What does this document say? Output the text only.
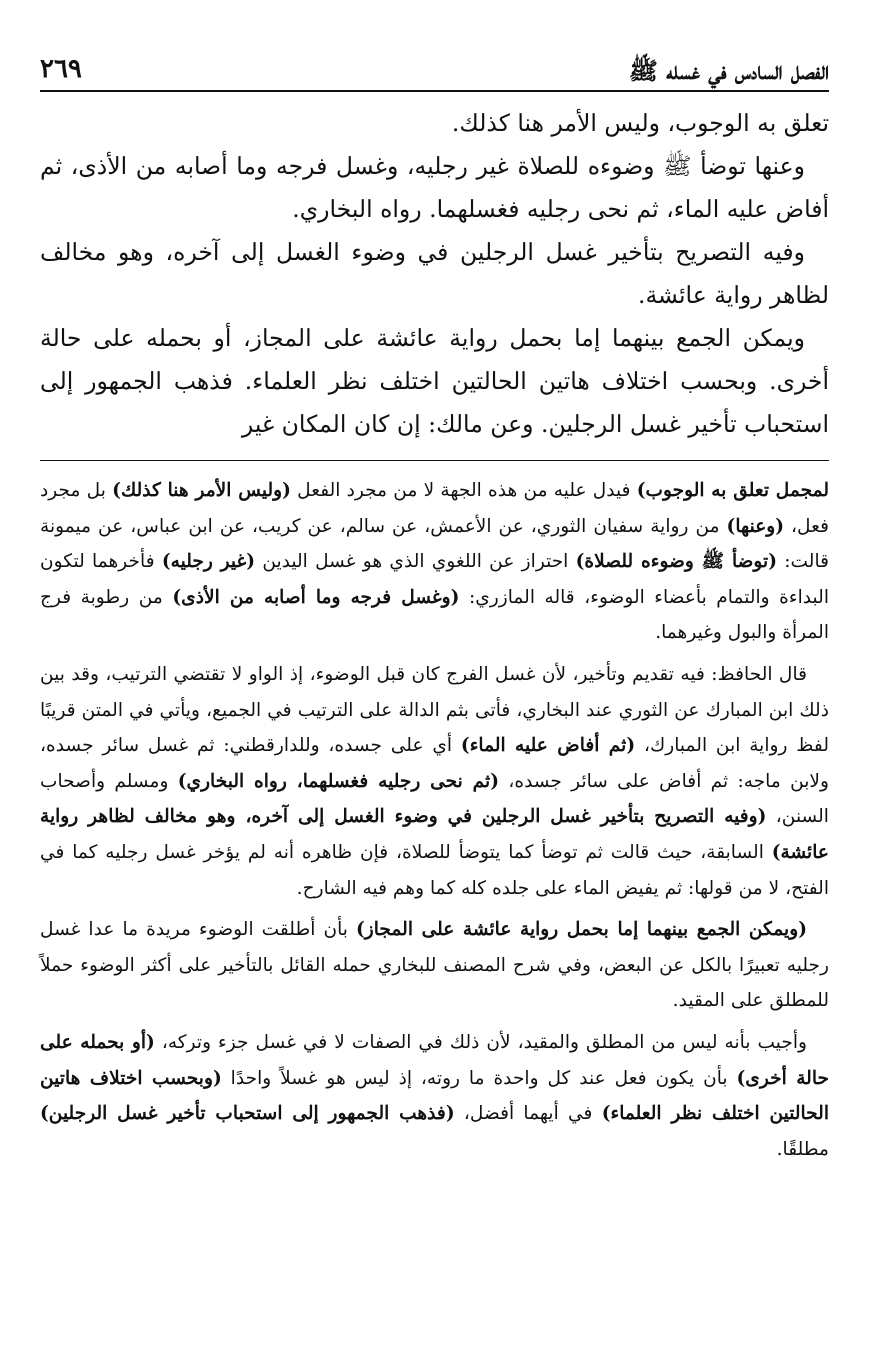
الفصل السادس في غسله ﷺ
٢٦٩

تعلق به الوجوب، وليس الأمر هنا كذلك.

وعنها توضأ ﷺ وضوءه للصلاة غير رجليه، وغسل فرجه وما أصابه من الأذى، ثم أفاض عليه الماء، ثم نحى رجليه فغسلهما. رواه البخاري.

وفيه التصريح بتأخير غسل الرجلين في وضوء الغسل إلى آخره، وهو مخالف لظاهر رواية عائشة.

ويمكن الجمع بينهما إما بحمل رواية عائشة على المجاز، أو بحمله على حالة أخرى. وبحسب اختلاف هاتين الحالتين اختلف نظر العلماء. فذهب الجمهور إلى استحباب تأخير غسل الرجلين. وعن مالك: إن كان المكان غير

لمجمل تعلق به الوجوب) فيدل عليه من هذه الجهة لا من مجرد الفعل (وليس الأمر هنا كذلك) بل مجرد فعل، (وعنها) من رواية سفيان الثوري، عن الأعمش، عن سالم، عن كريب، عن ابن عباس، عن ميمونة قالت: (توضأ ﷺ وضوءه للصلاة) احتراز عن اللغوي الذي هو غسل اليدين (غير رجليه) فأخرهما لتكون البداءة والتمام بأعضاء الوضوء، قاله المازري: (وغسل فرجه وما أصابه من الأذى) من رطوبة فرج المرأة والبول وغيرهما.

قال الحافظ: فيه تقديم وتأخير، لأن غسل الفرج كان قبل الوضوء، إذ الواو لا تقتضي الترتيب، وقد بين ذلك ابن المبارك عن الثوري عند البخاري، فأتى بثم الدالة على الترتيب في الجميع، ويأتي في المتن قريبًا لفظ رواية ابن المبارك، (ثم أفاض عليه الماء) أي على جسده، وللدارقطني: ثم غسل سائر جسده، ولابن ماجه: ثم أفاض على سائر جسده، (ثم نحى رجليه فغسلهما، رواه البخاري) ومسلم وأصحاب السنن، (وفيه التصريح بتأخير غسل الرجلين في وضوء الغسل إلى آخره، وهو مخالف لظاهر رواية عائشة) السابقة، حيث قالت ثم توضأ كما يتوضأ للصلاة، فإن ظاهره أنه لم يؤخر غسل رجليه كما في الفتح، لا من قولها: ثم يفيض الماء على جلده كله كما وهم فيه الشارح.

(ويمكن الجمع بينهما إما بحمل رواية عائشة على المجاز) بأن أطلقت الوضوء مريدة ما عدا غسل رجليه تعبيرًا بالكل عن البعض، وفي شرح المصنف للبخاري حمله القائل بالتأخير على أكثر الوضوء حملاً للمطلق على المقيد.

وأجيب بأنه ليس من المطلق والمقيد، لأن ذلك في الصفات لا في غسل جزء وتركه، (أو بحمله على حالة أخرى) بأن يكون فعل عند كل واحدة ما روته، إذ ليس هو غسلاً واحدًا (وبحسب اختلاف هاتين الحالتين اختلف نظر العلماء) في أيهما أفضل، (فذهب الجمهور إلى استحباب تأخير غسل الرجلين) مطلقًا.
